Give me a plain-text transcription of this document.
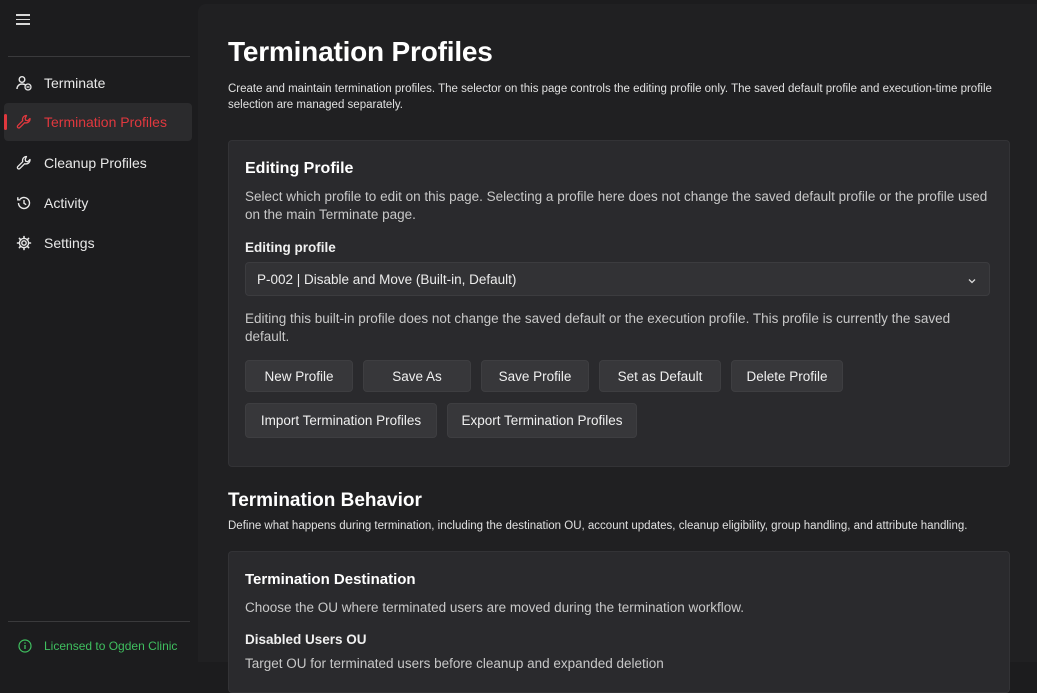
Terminate
Termination Profiles
Cleanup Profiles
Activity
Settings
Licensed to Ogden Clinic
Termination Profiles

Create and maintain termination profiles. The selector on this page controls the editing profile only. The saved default profile and execution-time profile selection are managed separately.

Editing Profile

Select which profile to edit on this page. Selecting a profile here does not change the saved default profile or the profile used on the main Terminate page.

Editing profile

P-002 | Disable and Move (Built-in, Default)

Editing this built-in profile does not change the saved default or the execution profile. This profile is currently the saved default.

New Profile	Save As	Save Profile	Set as Default	Delete Profile
Import Termination Profiles	Export Termination Profiles
Termination Behavior

Define what happens during termination, including the destination OU, account updates, cleanup eligibility, group handling, and attribute handling.

Termination Destination

Choose the OU where terminated users are moved during the termination workflow.

Disabled Users OU

Target OU for terminated users before cleanup and expanded deletion
